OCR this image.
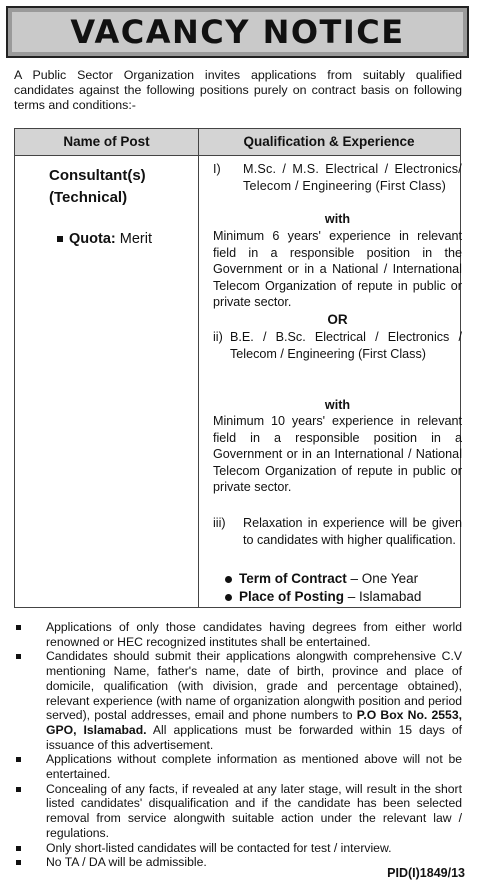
VACANCY NOTICE
A Public Sector Organization invites applications from suitably qualified candidates against the following positions purely on contract basis on following terms and conditions:-
Name of Post	Qualification & Experience
Consultant(s)
(Technical)
Quota: Merit
I)	M.Sc. / M.S. Electrical / Electronics/ Telecom / Engineering (First Class)
with
Minimum 6 years' experience in relevant field in a responsible position in the Government or in a National / International Telecom Organization of repute in public or private sector.
OR
ii) B.E. / B.Sc. Electrical / Electronics / Telecom / Engineering (First Class)
with
Minimum 10 years' experience in relevant field in a responsible position in a Government or in an International / National Telecom Organization of repute in public or private sector.
iii)	Relaxation in experience will be given to candidates with higher qualification.
Term of Contract – One Year
Place of Posting – Islamabad
Applications of only those candidates having degrees from either world renowned or HEC recognized institutes shall be entertained.
Candidates should submit their applications alongwith comprehensive C.V mentioning Name, father's name, date of birth, province and place of domicile, qualification (with division, grade and percentage obtained), relevant experience (with name of organization alongwith position and period served), postal addresses, email and phone numbers to P.O Box No. 2553, GPO, Islamabad. All applications must be forwarded within 15 days of issuance of this advertisement.
Applications without complete information as mentioned above will not be entertained.
Concealing of any facts, if revealed at any later stage, will result in the short listed candidates' disqualification and if the candidate has been selected removal from service alongwith suitable action under the relevant law / regulations.
Only short-listed candidates will be contacted for test / interview.
No TA / DA will be admissible.
PID(I)1849/13
